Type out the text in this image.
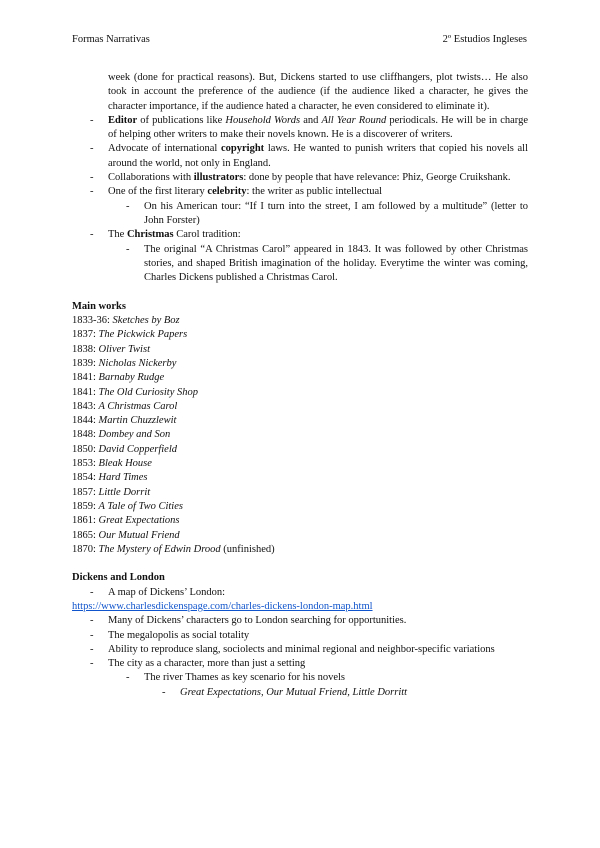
Formas Narrativas	2º Estudios Ingleses
week (done for practical reasons). But, Dickens started to use cliffhangers, plot twists… He also took in account the preference of the audience (if the audience liked a character, he gives the character importance, if the audience hated a character, he even considered to eliminate it).
- Editor of publications like Household Words and All Year Round periodicals. He will be in charge of helping other writers to make their novels known. He is a discoverer of writers.
- Advocate of international copyright laws. He wanted to punish writers that copied his novels all around the world, not only in England.
- Collaborations with illustrators: done by people that have relevance: Phiz, George Cruikshank.
- One of the first literary celebrity: the writer as public intellectual
- On his American tour: “If I turn into the street, I am followed by a multitude” (letter to John Forster)
- The Christmas Carol tradition:
- The original “A Christmas Carol” appeared in 1843. It was followed by other Christmas stories, and shaped British imagination of the holiday. Everytime the winter was coming, Charles Dickens published a Christmas Carol.
Main works
1833-36: Sketches by Boz
1837: The Pickwick Papers
1838: Oliver Twist
1839: Nicholas Nickerby
1841: Barnaby Rudge
1841: The Old Curiosity Shop
1843: A Christmas Carol
1844: Martin Chuzzlewit
1848: Dombey and Son
1850: David Copperfield
1853: Bleak House
1854: Hard Times
1857: Little Dorrit
1859: A Tale of Two Cities
1861: Great Expectations
1865: Our Mutual Friend
1870: The Mystery of Edwin Drood (unfinished)
Dickens and London
- A map of Dickens’ London:
https://www.charlesdickenspage.com/charles-dickens-london-map.html
- Many of Dickens’ characters go to London searching for opportunities.
- The megalopolis as social totality
- Ability to reproduce slang, sociolects and minimal regional and neighbor-specific variations
- The city as a character, more than just a setting
- The river Thames as key scenario for his novels
- Great Expectations, Our Mutual Friend, Little Dorritt
